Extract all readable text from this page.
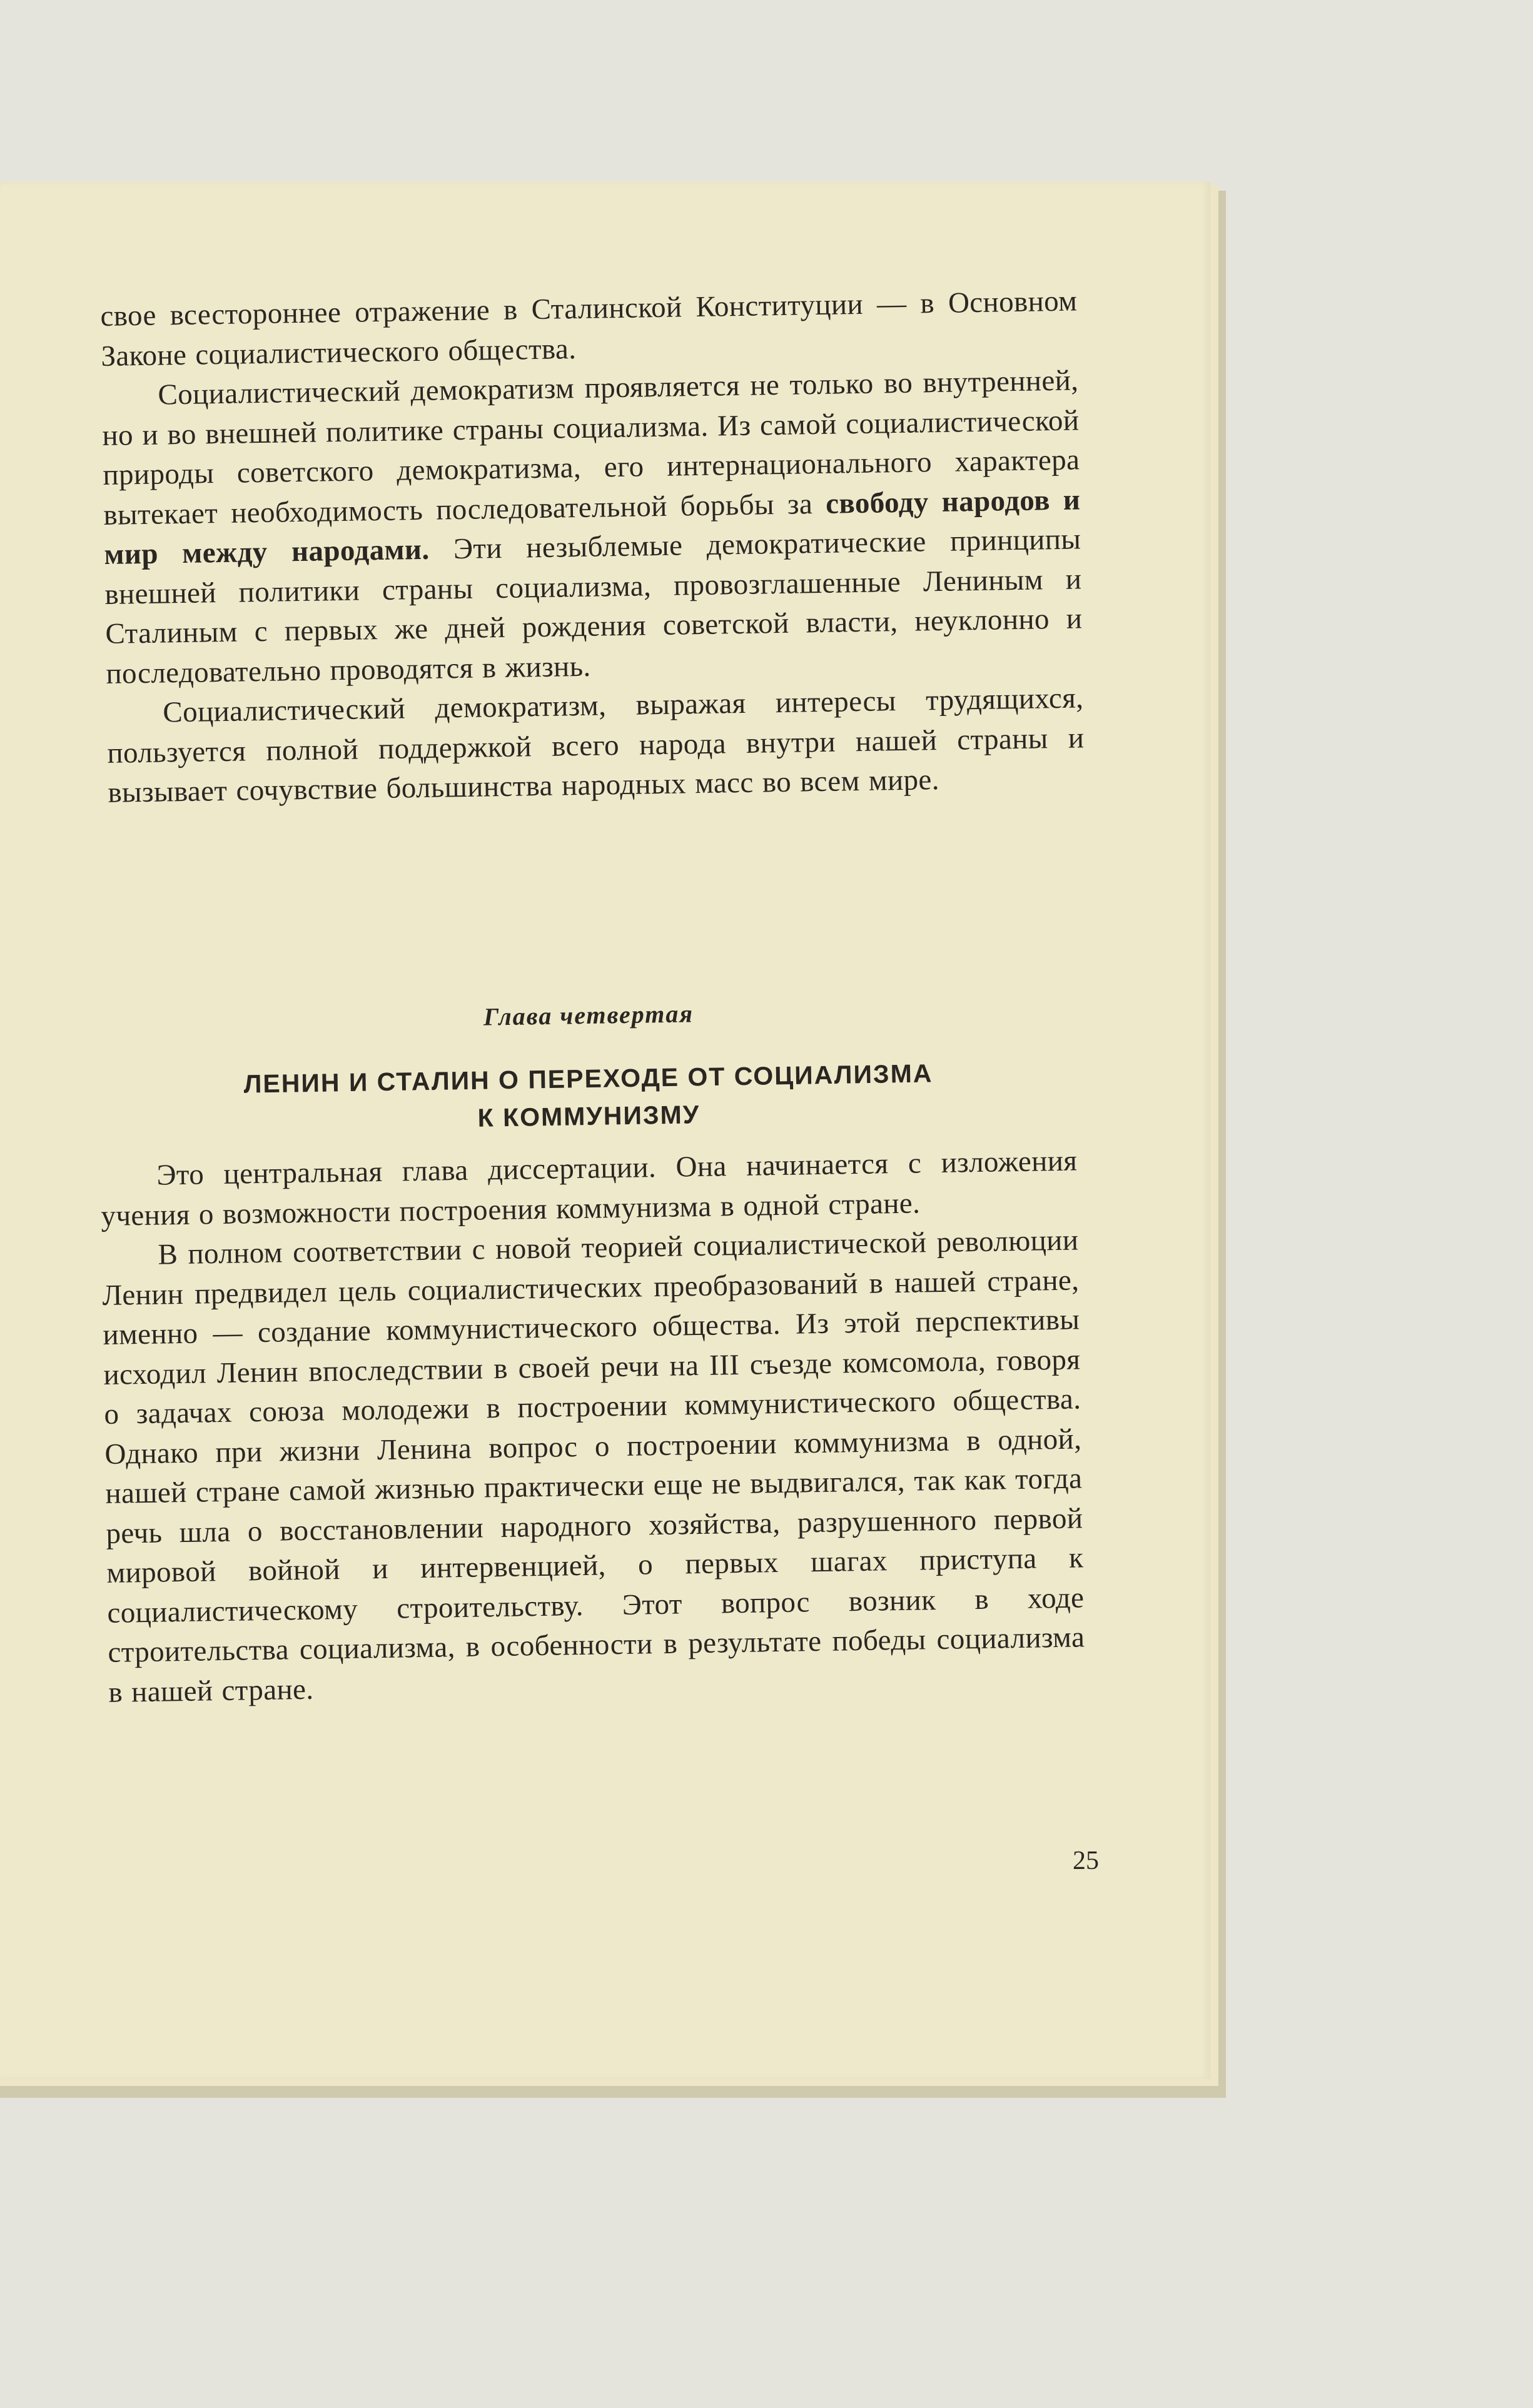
свое всестороннее отражение в Сталинской Конституции — в Основном Законе социалистического общества.

Социалистический демократизм проявляется не только во внутренней, но и во внешней политике страны социализма. Из самой социалистической природы советского демократизма, его интернационального характера вытекает необходимость последовательной борьбы за свободу народов и мир между народами. Эти незыблемые демократические принципы внешней политики страны социализма, провозглашенные Лениным и Сталиным с первых же дней рождения советской власти, неуклонно и последовательно проводятся в жизнь.

Социалистический демократизм, выражая интересы трудящихся, пользуется полной поддержкой всего народа внутри нашей страны и вызывает сочувствие большинства народных масс во всем мире.

Глава четвертая
ЛЕНИН И СТАЛИН О ПЕРЕХОДЕ ОТ СОЦИАЛИЗМА
К КОММУНИЗМУ

Это центральная глава диссертации. Она начинается с изложения учения о возможности построения коммунизма в одной стране.

В полном соответствии с новой теорией социалистической революции Ленин предвидел цель социалистических преобразований в нашей стране, именно — создание коммунистического общества. Из этой перспективы исходил Ленин впоследствии в своей речи на III съезде комсомола, говоря о задачах союза молодежи в построении коммунистического общества. Однако при жизни Ленина вопрос о построении коммунизма в одной, нашей стране самой жизнью практически еще не выдвигался, так как тогда речь шла о восстановлении народного хозяйства, разрушенного первой мировой войной и интервенцией, о первых шагах приступа к социалистическому строительству. Этот вопрос возник в ходе строительства социализма, в особенности в результате победы социализма в нашей стране.

25
